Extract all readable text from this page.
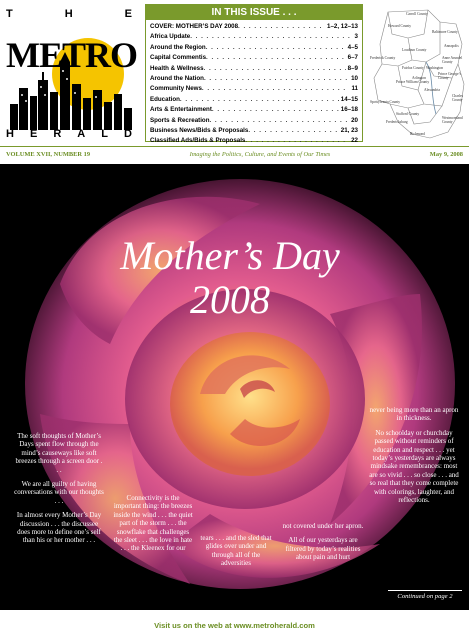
T	H	E
METRO
H E R A L D
IN THIS ISSUE . . .
COVER: MOTHER’S DAY 2008 . . .	1–2, 12–13
Africa Update . . .	3
Around the Region . . .	4–5
Capital Commentis . . .	6–7
Health & Wellness . . .	8–9
Around the Nation . . .	10
Community News . . .	11
Education . . .	14–15
Arts & Entertainment . . .	16–18
Sports & Recreation . . .	20
Business News/Bids & Proposals . . .	21, 23
Classified Ads/Bids & Proposals . . .	22
Carroll County
Howard County
Baltimore County
Annapolis
Anne Arundel County
Loudoun County
Fairfax County
Frederick County
Prince William County
Alexandria
Prince George’s County
Charles County
Washington
Spotsylvania County
Stafford County
Fredericksburg
Richmond
Westmoreland County
Arlington
VOLUME XVII, NUMBER 19	Imaging the Politics, Culture, and Events of Our Times	May 9, 2008
Mother’s Day
2008

The soft thoughts of Mother’s Days spent flow through the mind’s causeways like soft breezes through a screen door . . .

We are all guilty of having conversations with our thoughts . . .

In almost every Mother’s Day discussion . . . the discussee does more to define one’s self than his or her mother . . .

Connectivity is the important thing: the breezes inside the wind . . . the quiet part of the storm . . . the snowflake that challenges the sleet . . . the love in hate . . . the Kleenex for our

tears . . . and the sled that glides over under and through all of the adversities

not covered under her apron.

All of our yesterdays are filtered by today’s realities about pain and hurt

never being more than an apron in thickness.

No schoolday or churchday passed without reminders of education and respect . . . yet today’s yesterdays are always mindsake remembrances: most are so vivid . . . so close . . . and so real that they come complete with colorings, laughter, and reflections.

Continued on page 2
Visit us on the web at www.metroherald.com
